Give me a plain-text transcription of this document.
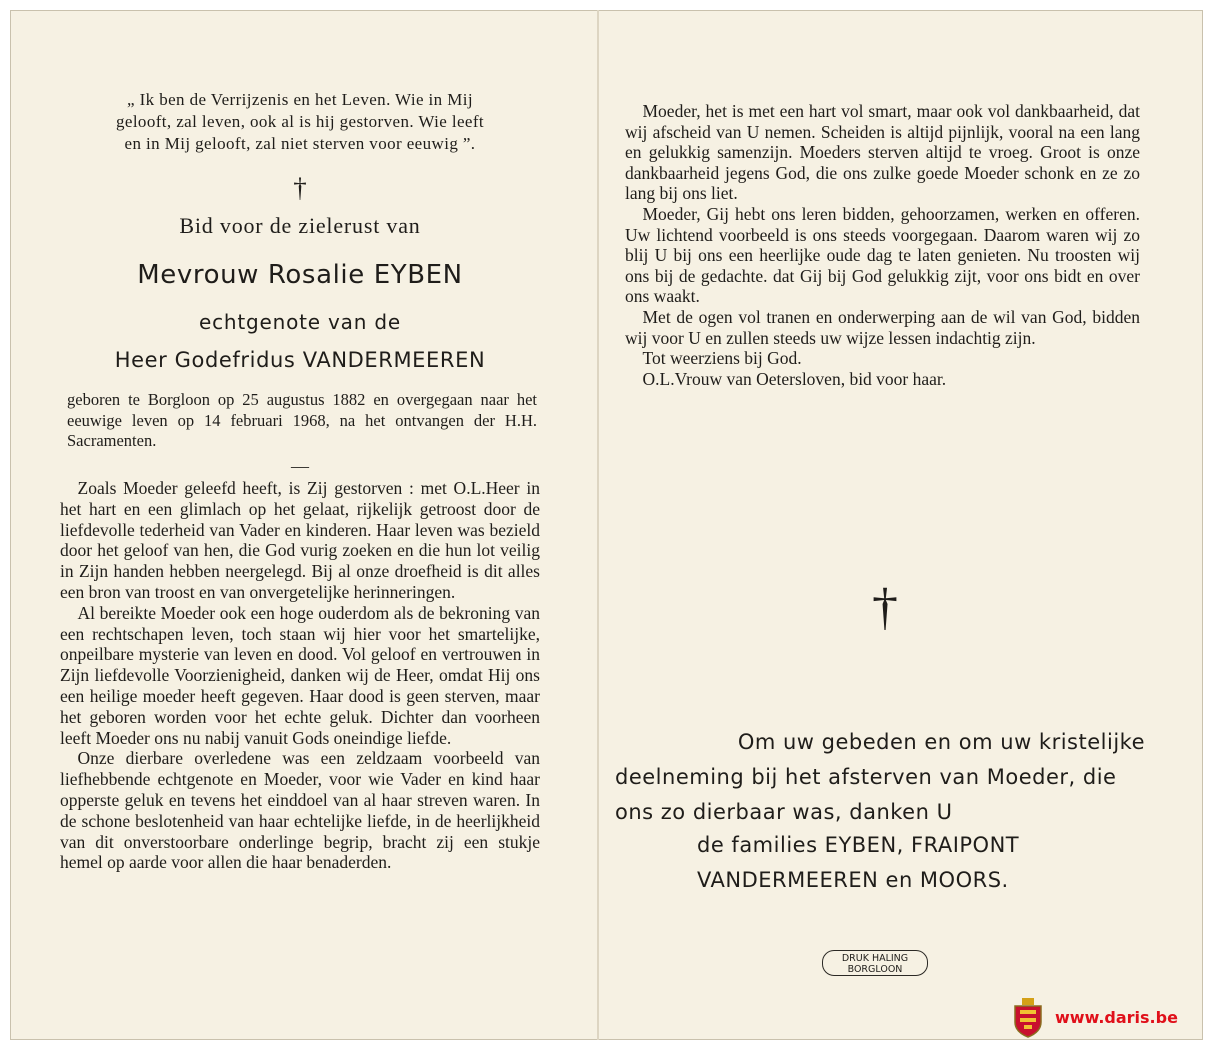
„ Ik ben de Verrijzenis en het Leven. Wie in Mij
gelooft, zal leven, ook al is hij gestorven. Wie leeft
en in Mij gelooft, zal niet sterven voor eeuwig ”.
†
Bid voor de zielerust van
Mevrouw Rosalie EYBEN
echtgenote van de
Heer Godefridus VANDERMEEREN
geboren te Borgloon op 25 augustus 1882 en overgegaan naar het eeuwige leven op 14 februari 1968, na het ontvangen der H.H. Sacramenten.
—

Zoals Moeder geleefd heeft, is Zij gestorven : met O.L.Heer in het hart en een glimlach op het gelaat, rijkelijk getroost door de liefdevolle tederheid van Vader en kinderen. Haar leven was bezield door het geloof van hen, die God vurig zoeken en die hun lot veilig in Zijn handen hebben neergelegd. Bij al onze droefheid is dit alles een bron van troost en van onvergetelijke herinneringen.

Al bereikte Moeder ook een hoge ouderdom als de bekroning van een rechtschapen leven, toch staan wij hier voor het smartelijke, onpeilbare mysterie van leven en dood. Vol geloof en vertrouwen in Zijn liefdevolle Voorzienigheid, danken wij de Heer, omdat Hij ons een heilige moeder heeft gegeven. Haar dood is geen sterven, maar het geboren worden voor het echte geluk. Dichter dan voorheen leeft Moeder ons nu nabij vanuit Gods oneindige liefde.

Onze dierbare overledene was een zeldzaam voorbeeld van liefhebbende echtgenote en Moeder, voor wie Vader en kind haar opperste geluk en tevens het einddoel van al haar streven waren. In de schone beslotenheid van haar echtelijke liefde, in de heerlijkheid van dit onverstoorbare onderlinge begrip, bracht zij een stukje hemel op aarde voor allen die haar benaderden.

Moeder, het is met een hart vol smart, maar ook vol dankbaarheid, dat wij afscheid van U nemen. Scheiden is altijd pijnlijk, vooral na een lang en gelukkig samenzijn. Moeders sterven altijd te vroeg. Groot is onze dankbaarheid jegens God, die ons zulke goede Moeder schonk en ze zo lang bij ons liet.

Moeder, Gij hebt ons leren bidden, gehoorzamen, werken en offeren. Uw lichtend voorbeeld is ons steeds voorgegaan. Daarom waren wij zo blij U bij ons een heerlijke oude dag te laten genieten. Nu troosten wij ons bij de gedachte. dat Gij bij God gelukkig zijt, voor ons bidt en over ons waakt.

Met de ogen vol tranen en onderwerping aan de wil van God, bidden wij voor U en zullen steeds uw wijze lessen indachtig zijn.

Tot weerziens bij God.

O.L.Vrouw van Oetersloven, bid voor haar.

†
Om uw gebeden en om uw kristelijke
deelneming bij het afsterven van Moeder, die
ons zo dierbaar was, danken U
de families EYBEN, FRAIPONT
VANDERMEEREN en MOORS.
DRUK HALING
BORGLOON
www.daris.be
